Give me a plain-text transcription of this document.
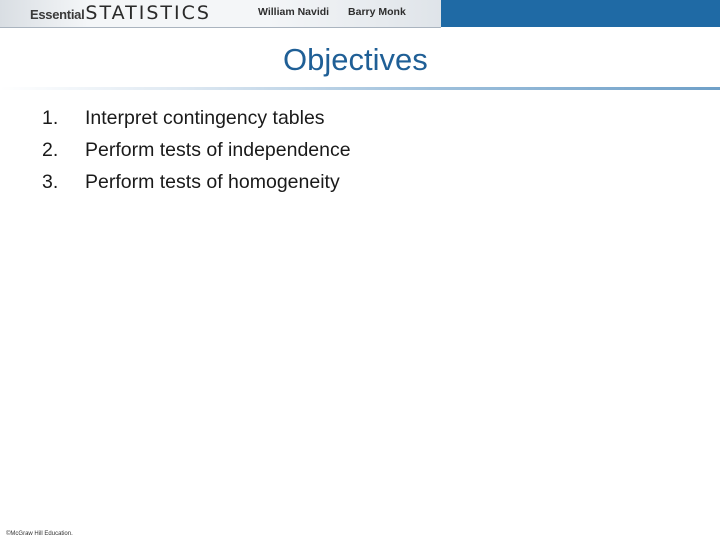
Essential STATISTICS	William Navidi Barry Monk
Objectives
1.	Interpret contingency tables
2.	Perform tests of independence
3.	Perform tests of homogeneity
©McGraw Hill Education.
